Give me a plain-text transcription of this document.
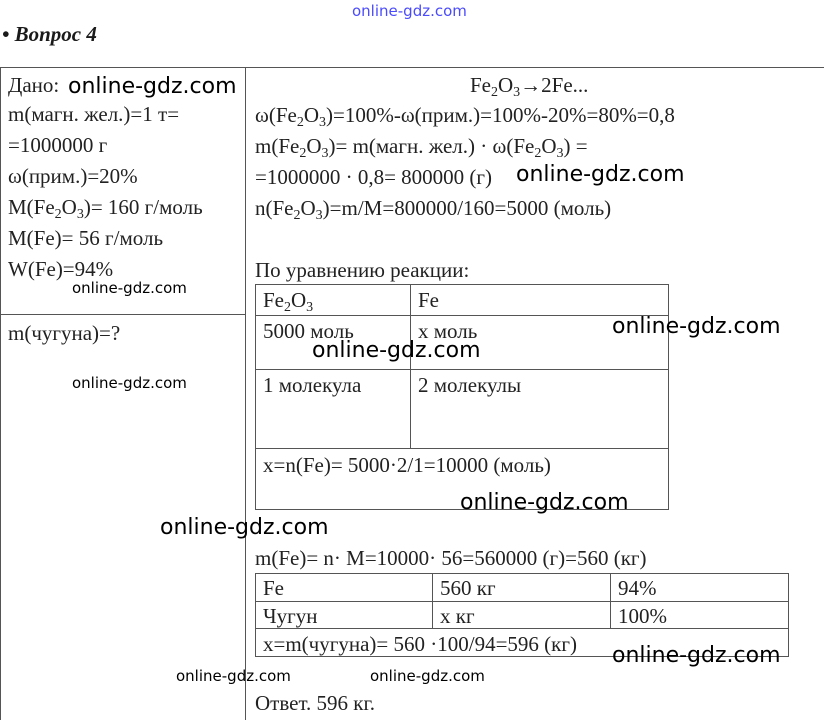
online-gdz.com
• Вопрос 4
Дано:
m(магн. жел.)=1 т=
=1000000 г
ω(прим.)=20%
$M(Fe_2O_3)= 160$ г/моль
M(Fe)= 56 г/моль
W(Fe)=94%
m(чугуна)=?
$Fe_2O_3\to 2Fe$...
$\omega(Fe_2O_3)=100\%-\omega(прим.)=100\%-20\%=80\%=0,8$
$m(Fe_2O_3)=$ m(магн. $жел.) \cdot \omega(Fe_2O_3)$ =
=1000000 · 0,8= 800000 (г)
$n(Fe_2O_3)=m/M=800000/160=5000$ (моль)
По уравнению реакции:
$Fe_2O_3$	Fe
5000 моль	x моль
1 молекула	2 молекулы
x=n(Fe)= 5000·2/1=10000 (моль)
m(Fe)= n· M=10000· 56=560000 (г)=560 (кг)
Fe	560 кг	94%
Чугун	x кг	100%
x=m(чугуна)= 560 ·100/94=596 (кг)
Ответ. 596 кг.
online-gdz.com
online-gdz.com
online-gdz.com
online-gdz.com
online-gdz.com
online-gdz.com
online-gdz.com
online-gdz.com
online-gdz.com
online-gdz.com	online-gdz.com
